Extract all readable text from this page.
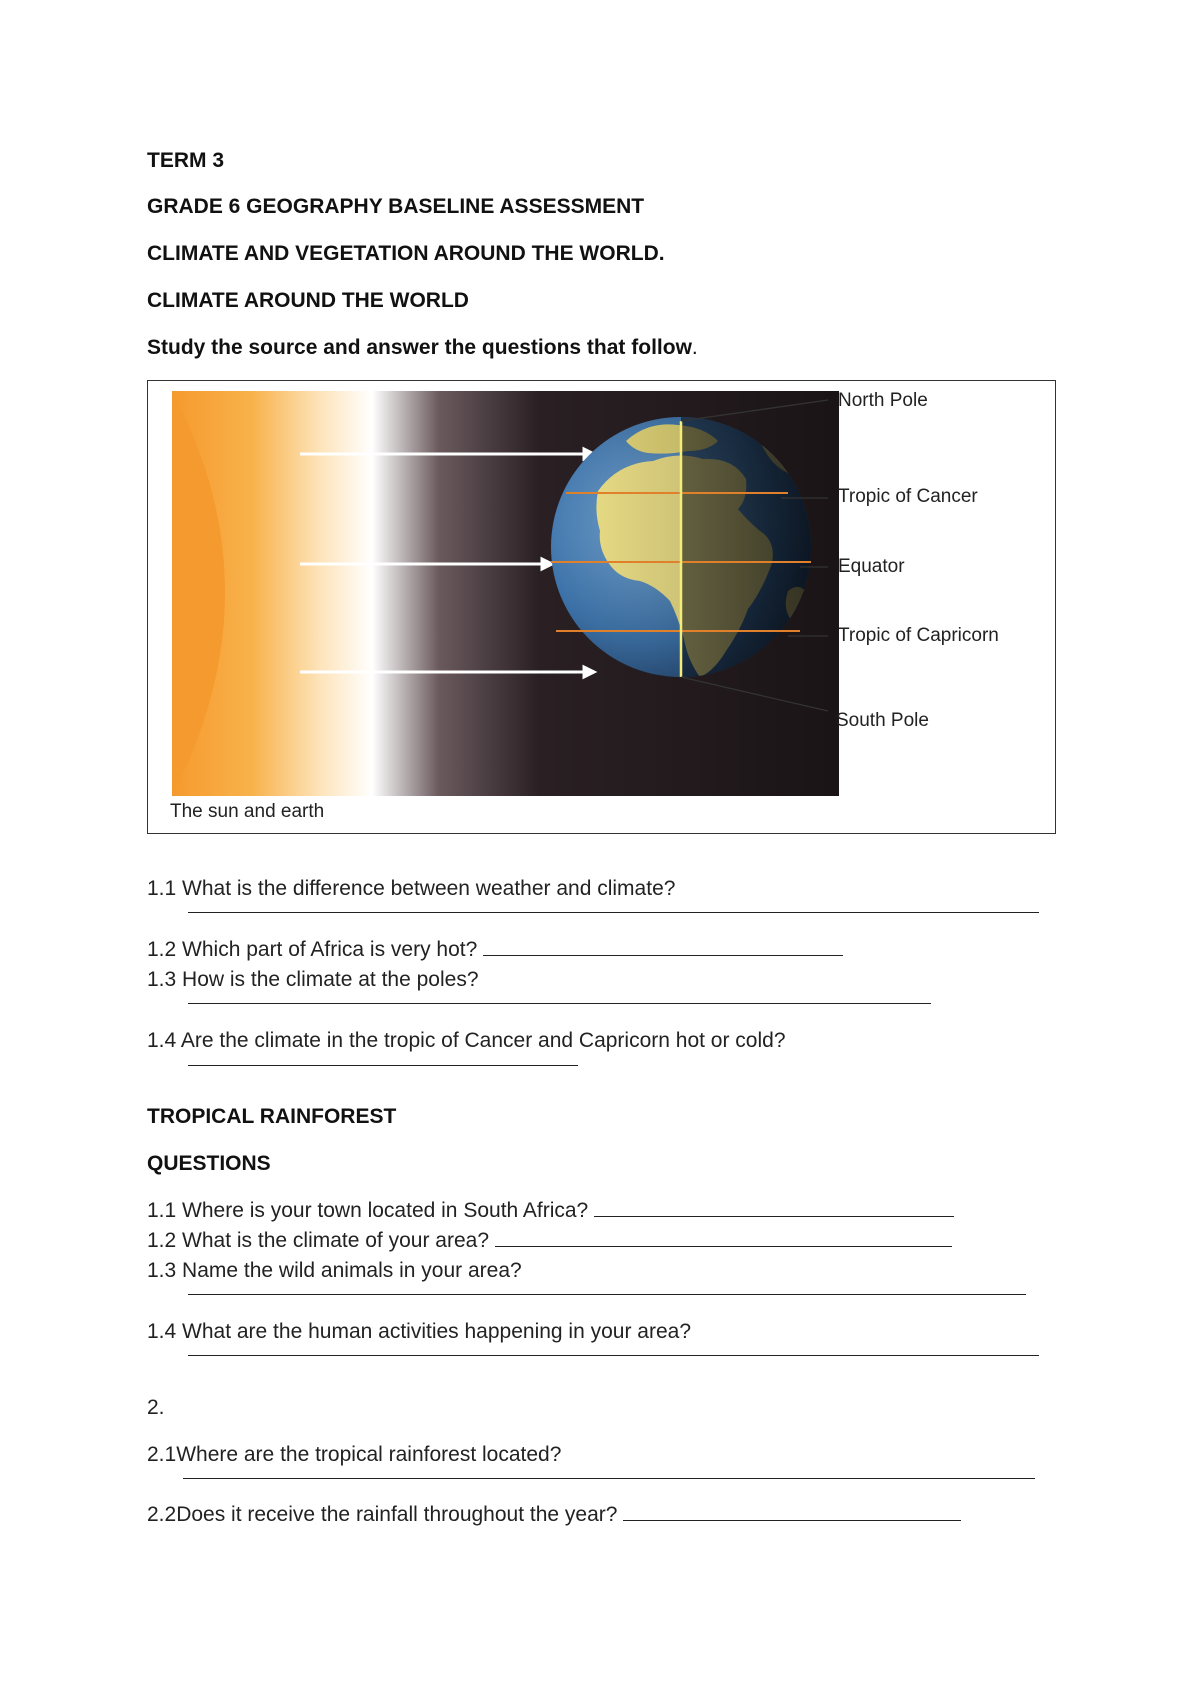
TERM 3
GRADE 6 GEOGRAPHY BASELINE ASSESSMENT
CLIMATE AND VEGETATION AROUND THE WORLD.
CLIMATE AROUND THE WORLD
Study the source and answer the questions that follow.
North Pole
Tropic of Cancer
Equator
Tropic of Capricorn
South Pole
The sun and earth
1.1 What is the difference between weather and climate?
1.2 Which part of Africa is very hot?
1.3 How is the climate at the poles?
1.4 Are the climate in the tropic of Cancer and Capricorn hot or cold?
TROPICAL RAINFOREST
QUESTIONS
1.1 Where is your town located in South Africa?
1.2 What is the climate of your area?
1.3 Name the wild animals in your area?
1.4 What are the human activities happening in your area?
2.
2.1Where are the tropical rainforest located?
2.2Does it receive the rainfall throughout the year?
